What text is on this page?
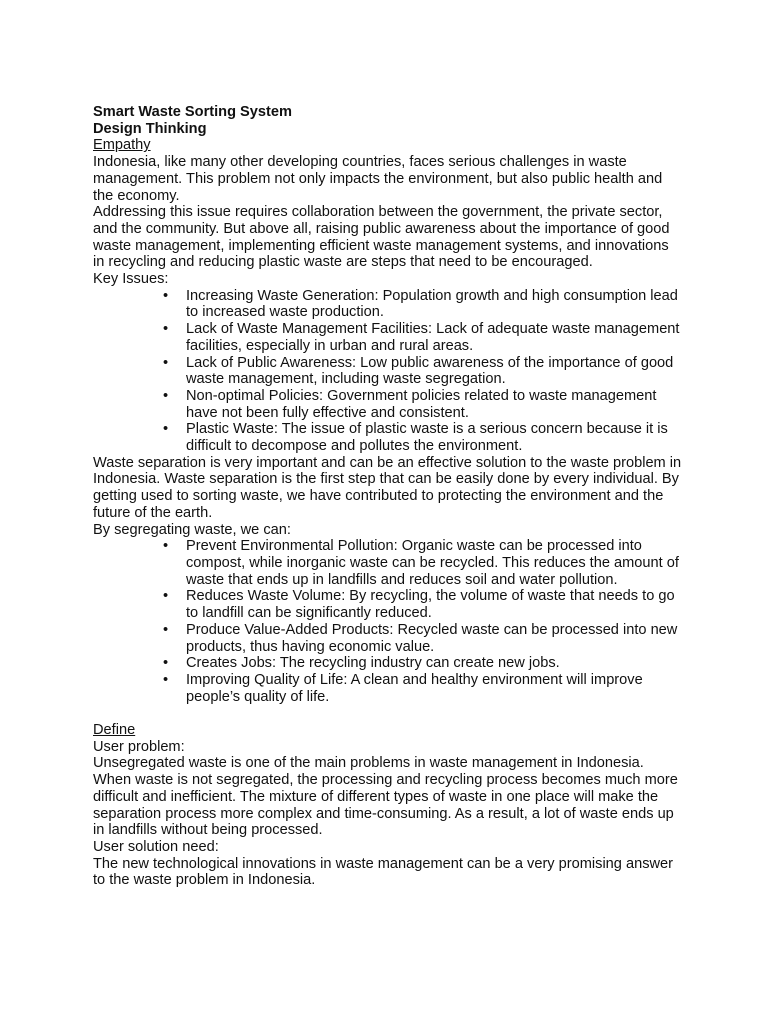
Smart Waste Sorting System

Design Thinking

Empathy

Indonesia, like many other developing countries, faces serious challenges in waste management. This problem not only impacts the environment, but also public health and the economy.

Addressing this issue requires collaboration between the government, the private sector, and the community. But above all, raising public awareness about the importance of good waste management, implementing efficient waste management systems, and innovations in recycling and reducing plastic waste are steps that need to be encouraged.

Key Issues:

• Increasing Waste Generation: Population growth and high consumption lead to increased waste production.
• Lack of Waste Management Facilities: Lack of adequate waste management facilities, especially in urban and rural areas.
• Lack of Public Awareness: Low public awareness of the importance of good waste management, including waste segregation.
• Non-optimal Policies: Government policies related to waste management have not been fully effective and consistent.
• Plastic Waste: The issue of plastic waste is a serious concern because it is difficult to decompose and pollutes the environment.

Waste separation is very important and can be an effective solution to the waste problem in Indonesia. Waste separation is the first step that can be easily done by every individual. By getting used to sorting waste, we have contributed to protecting the environment and the future of the earth.

By segregating waste, we can:

• Prevent Environmental Pollution: Organic waste can be processed into compost, while inorganic waste can be recycled. This reduces the amount of waste that ends up in landfills and reduces soil and water pollution.
• Reduces Waste Volume: By recycling, the volume of waste that needs to go to landfill can be significantly reduced.
• Produce Value-Added Products: Recycled waste can be processed into new products, thus having economic value.
• Creates Jobs: The recycling industry can create new jobs.
• Improving Quality of Life: A clean and healthy environment will improve people’s quality of life.

Define

User problem:

Unsegregated waste is one of the main problems in waste management in Indonesia.

When waste is not segregated, the processing and recycling process becomes much more difficult and inefficient. The mixture of different types of waste in one place will make the separation process more complex and time-consuming. As a result, a lot of waste ends up in landfills without being processed.

User solution need:

The new technological innovations in waste management can be a very promising answer to the waste problem in Indonesia.
